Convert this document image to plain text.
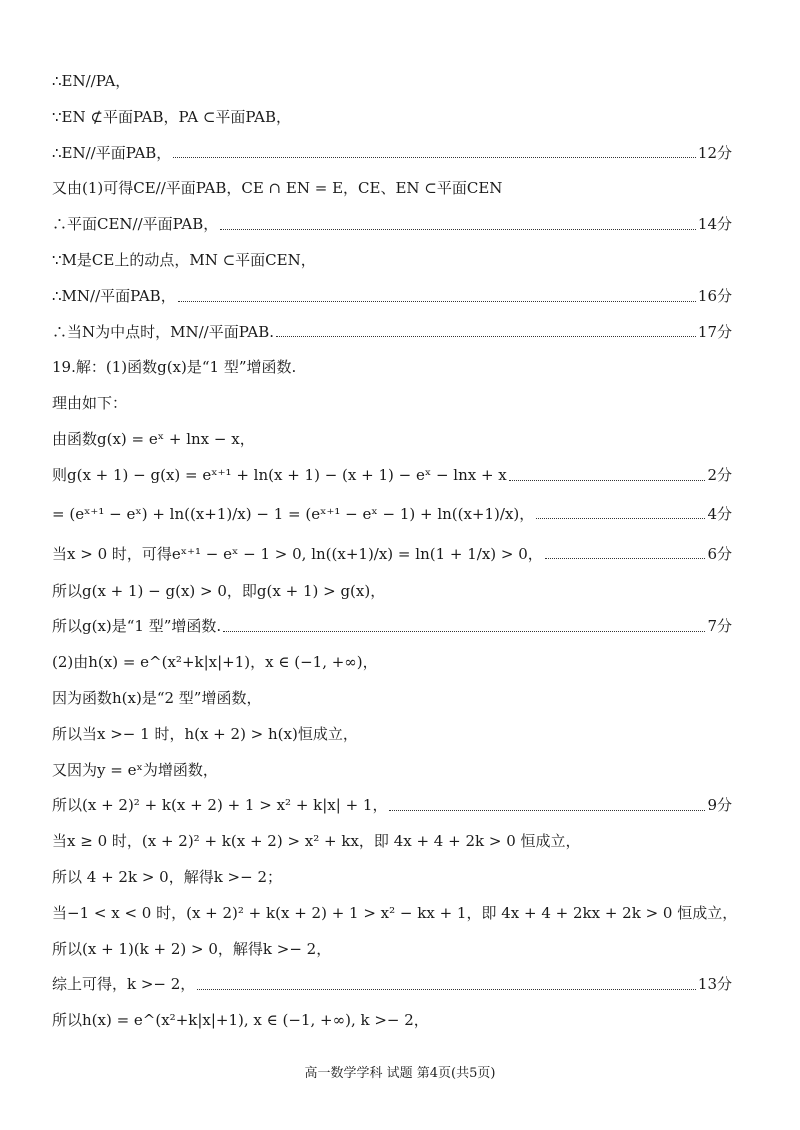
∴EN//PA，
∵EN ⊄平面PAB，PA ⊂平面PAB，
∴EN//平面PAB，	12分
又由(1)可得CE//平面PAB，CE ∩ EN = E，CE、EN ⊂平面CEN
∴平面CEN//平面PAB，	14分
∵M是CE上的动点，MN ⊂平面CEN，
∴MN//平面PAB，	16分
∴当N为中点时，MN//平面PAB.	17分
19.解：(1)函数g(x)是“1 型”增函数.
理由如下：
由函数g(x) = eˣ + lnx − x，
则g(x + 1) − g(x) = eˣ⁺¹ + ln(x + 1) − (x + 1) − eˣ − lnx + x	2分
= (eˣ⁺¹ − eˣ) + ln((x+1)/x) − 1 = (eˣ⁺¹ − eˣ − 1) + ln((x+1)/x)，	4分
当x > 0 时，可得eˣ⁺¹ − eˣ − 1 > 0, ln((x+1)/x) = ln(1 + 1/x) > 0，	6分
所以g(x + 1) − g(x) > 0，即g(x + 1) > g(x)，
所以g(x)是“1 型”增函数.	7分
(2)由h(x) = e^(x²+k|x|+1)，x ∈ (−1, +∞)，
因为函数h(x)是“2 型”增函数，
所以当x >− 1 时，h(x + 2) > h(x)恒成立，
又因为y = eˣ为增函数，
所以(x + 2)² + k(x + 2) + 1 > x² + k|x| + 1，	9分
当x ≥ 0 时，(x + 2)² + k(x + 2) > x² + kx，即 4x + 4 + 2k > 0 恒成立，
所以 4 + 2k > 0，解得k >− 2；
当−1 < x < 0 时，(x + 2)² + k(x + 2) + 1 > x² − kx + 1，即 4x + 4 + 2kx + 2k > 0 恒成立，
所以(x + 1)(k + 2) > 0，解得k >− 2，
综上可得，k >− 2，	13分
所以h(x) = e^(x²+k|x|+1), x ∈ (−1, +∞), k >− 2，
高一数学学科 试题 第4页(共5页)
